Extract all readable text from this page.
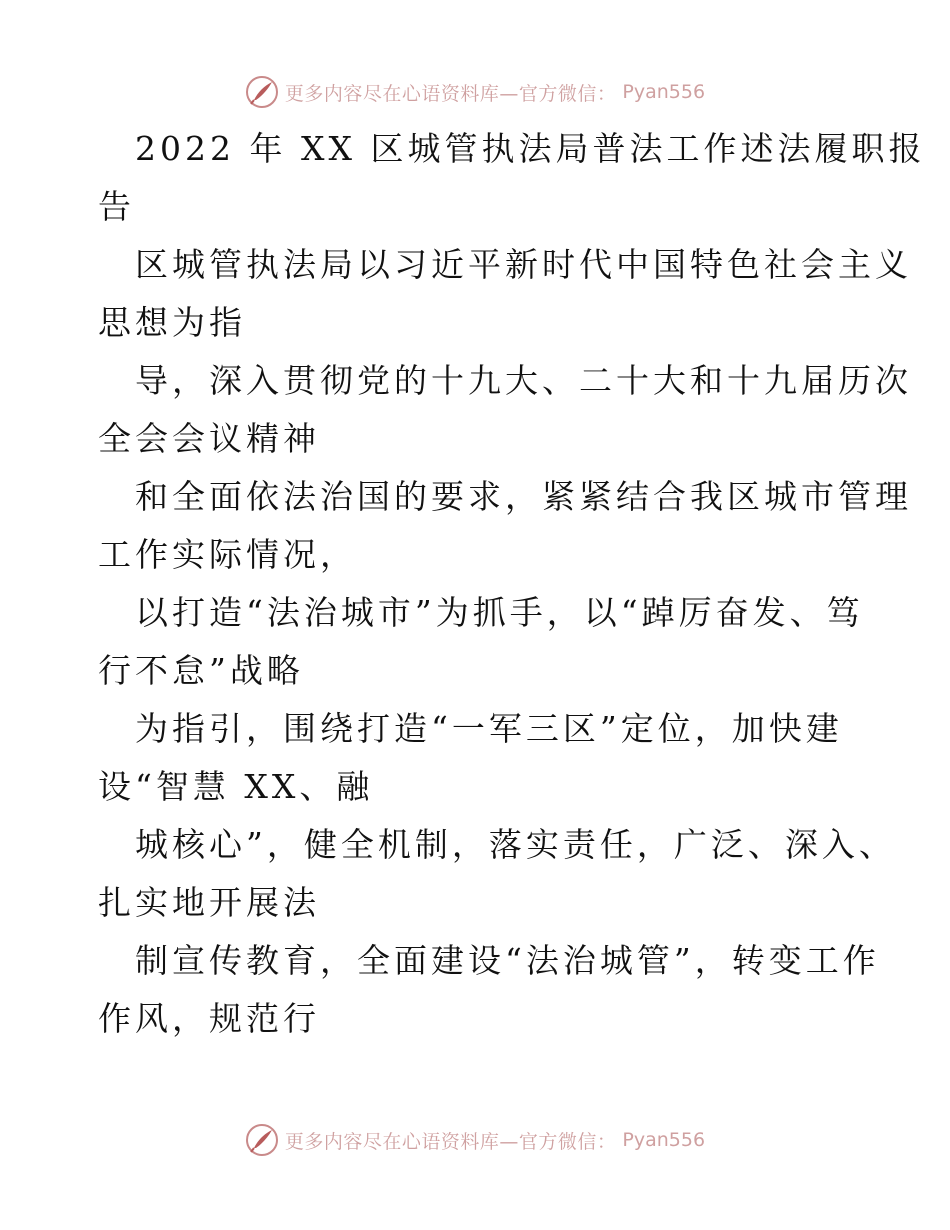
更多内容尽在心语资料库—官方微信： Pyan556
2022 年 XX 区城管执法局普法工作述法履职报
告
区城管执法局以习近平新时代中国特色社会主义
思想为指
导，深入贯彻党的十九大、二十大和十九届历次
全会会议精神
和全面依法治国的要求，紧紧结合我区城市管理
工作实际情况，
以打造“法治城市”为抓手，以“踔厉奋发、笃
行不怠”战略
为指引，围绕打造“一军三区”定位，加快建
设“智慧 XX、融
城核心”，健全机制，落实责任，广泛、深入、
扎实地开展法
制宣传教育，全面建设“法治城管”，转变工作
作风，规范行
更多内容尽在心语资料库—官方微信： Pyan556
